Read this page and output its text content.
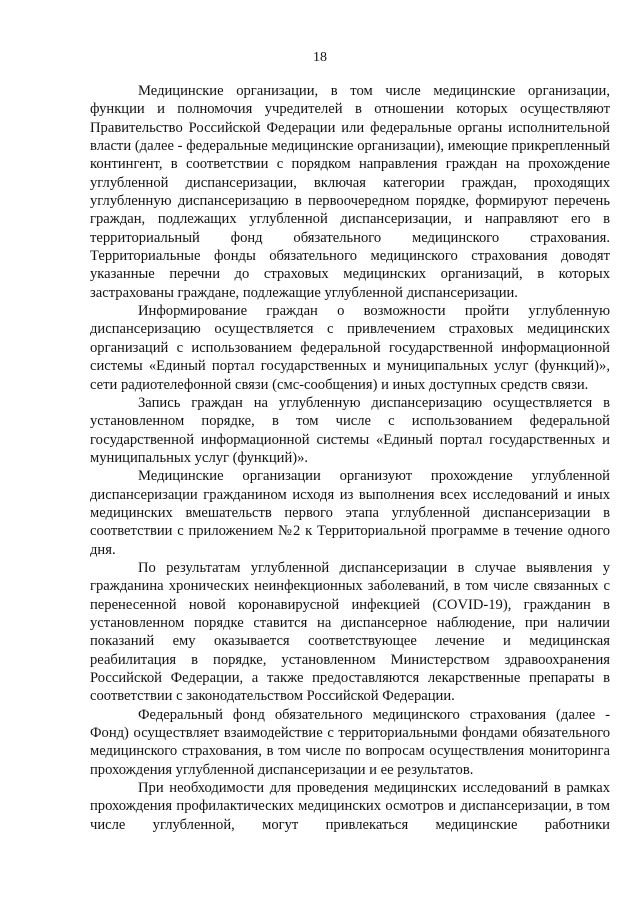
18

Медицинские организации, в том числе медицинские организации, функции и полномочия учредителей в отношении которых осуществляют Правительство Российской Федерации или федеральные органы исполнительной власти (далее - федеральные медицинские организации), имеющие прикрепленный контингент, в соответствии с порядком направления граждан на прохождение углубленной диспансеризации, включая категории граждан, проходящих углубленную диспансеризацию в первоочередном порядке, формируют перечень граждан, подлежащих углубленной диспансеризации, и направляют его в территориальный фонд обязательного медицинского страхования. Территориальные фонды обязательного медицинского страхования доводят указанные перечни до страховых медицинских организаций, в которых застрахованы граждане, подлежащие углубленной диспансеризации.

Информирование граждан о возможности пройти углубленную диспансеризацию осуществляется с привлечением страховых медицинских организаций с использованием федеральной государственной информационной системы «Единый портал государственных и муниципальных услуг (функций)», сети радиотелефонной связи (смс-сообщения) и иных доступных средств связи.

Запись граждан на углубленную диспансеризацию осуществляется в установленном порядке, в том числе с использованием федеральной государственной информационной системы «Единый портал государственных и муниципальных услуг (функций)».

Медицинские организации организуют прохождение углубленной диспансеризации гражданином исходя из выполнения всех исследований и иных медицинских вмешательств первого этапа углубленной диспансеризации в соответствии с приложением №2 к Территориальной программе в течение одного дня.

По результатам углубленной диспансеризации в случае выявления у гражданина хронических неинфекционных заболеваний, в том числе связанных с перенесенной новой коронавирусной инфекцией (COVID-19), гражданин в установленном порядке ставится на диспансерное наблюдение, при наличии показаний ему оказывается соответствующее лечение и медицинская реабилитация в порядке, установленном Министерством здравоохранения Российской Федерации, а также предоставляются лекарственные препараты в соответствии с законодательством Российской Федерации.

Федеральный фонд обязательного медицинского страхования (далее - Фонд) осуществляет взаимодействие с территориальными фондами обязательного медицинского страхования, в том числе по вопросам осуществления мониторинга прохождения углубленной диспансеризации и ее результатов.

При необходимости для проведения медицинских исследований в рамках прохождения профилактических медицинских осмотров и диспансеризации, в том числе углубленной, могут привлекаться медицинские работники
